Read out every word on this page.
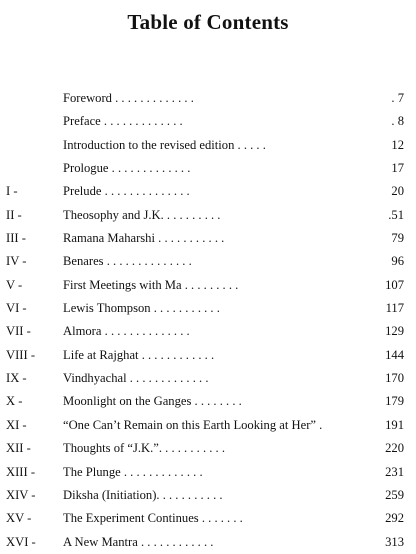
Table of Contents
Foreword . . . . . . . . . . . . .	. 7
Preface . . . . . . . . . . . . .	. 8
Introduction to the revised edition . . . . .	12
Prologue . . . . . . . . . . . . .	17
I -	Prelude . . . . . . . . . . . . . .	20
II -	Theosophy and J.K. . . . . . . . . .	.51
III -	Ramana Maharshi . . . . . . . . . . .	79
IV -	Benares . . . . . . . . . . . . . .	96
V -	First Meetings with Ma . . . . . . . . .	107
VI -	Lewis Thompson . . . . . . . . . . .	117
VII -	Almora . . . . . . . . . . . . . .	129
VIII - Life at Rajghat . . . . . . . . . . . .	144
IX -	Vindhyachal . . . . . . . . . . . . .	170
X -	Moonlight on the Ganges . . . . . . . .	179
XI -	“One Can’t Remain on this Earth Looking at Her” .	191
XII -	Thoughts of “J.K.”. . . . . . . . . . .	220
XIII - The Plunge . . . . . . . . . . . . .	231
XIV - Diksha (Initiation). . . . . . . . . . .	259
XV -	The Experiment Continues . . . . . . .	292
XVI - A New Mantra . . . . . . . . . . . .	313
